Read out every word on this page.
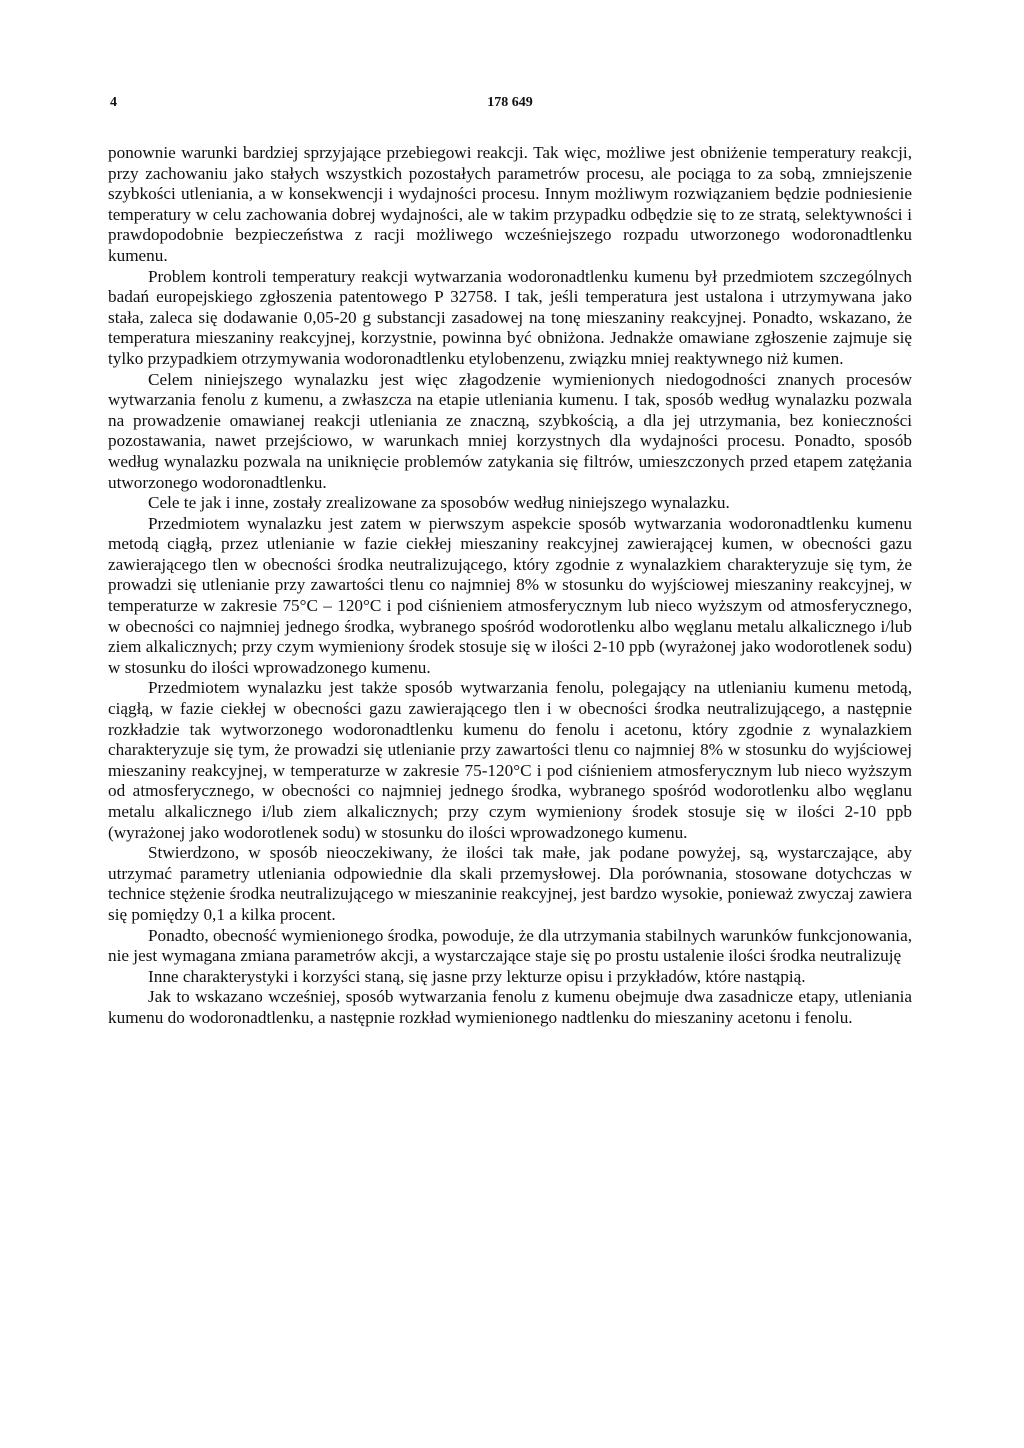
4	178 649

ponownie warunki bardziej sprzyjające przebiegowi reakcji. Tak więc, możliwe jest obniżenie temperatury reakcji, przy zachowaniu jako stałych wszystkich pozostałych parametrów procesu, ale pociąga to za sobą, zmniejszenie szybkości utleniania, a w konsekwencji i wydajności procesu. Innym możliwym rozwiązaniem będzie podniesienie temperatury w celu zachowania dobrej wydajności, ale w takim przypadku odbędzie się to ze stratą, selektywności i prawdopodobnie bezpieczeństwa z racji możliwego wcześniejszego rozpadu utworzonego wodoronadtlenku kumenu.

Problem kontroli temperatury reakcji wytwarzania wodoronadtlenku kumenu był przedmiotem szczególnych badań europejskiego zgłoszenia patentowego P 32758. I tak, jeśli temperatura jest ustalona i utrzymywana jako stała, zaleca się dodawanie 0,05-20 g substancji zasadowej na tonę mieszaniny reakcyjnej. Ponadto, wskazano, że temperatura mieszaniny reakcyjnej, korzystnie, powinna być obniżona. Jednakże omawiane zgłoszenie zajmuje się tylko przypadkiem otrzymywania wodoronadtlenku etylobenzenu, związku mniej reaktywnego niż kumen.

Celem niniejszego wynalazku jest więc złagodzenie wymienionych niedogodności znanych procesów wytwarzania fenolu z kumenu, a zwłaszcza na etapie utleniania kumenu. I tak, sposób według wynalazku pozwala na prowadzenie omawianej reakcji utleniania ze znaczną, szybkością, a dla jej utrzymania, bez konieczności pozostawania, nawet przejściowo, w warunkach mniej korzystnych dla wydajności procesu. Ponadto, sposób według wynalazku pozwala na uniknięcie problemów zatykania się filtrów, umieszczonych przed etapem zatężania utworzonego wodoronadtlenku.

Cele te jak i inne, zostały zrealizowane za sposobów według niniejszego wynalazku.

Przedmiotem wynalazku jest zatem w pierwszym aspekcie sposób wytwarzania wodoronadtlenku kumenu metodą ciągłą, przez utlenianie w fazie ciekłej mieszaniny reakcyjnej zawierającej kumen, w obecności gazu zawierającego tlen w obecności środka neutralizującego, który zgodnie z wynalazkiem charakteryzuje się tym, że prowadzi się utlenianie przy zawartości tlenu co najmniej 8% w stosunku do wyjściowej mieszaniny reakcyjnej, w temperaturze w zakresie 75°C – 120°C i pod ciśnieniem atmosferycznym lub nieco wyższym od atmosferycznego, w obecności co najmniej jednego środka, wybranego spośród wodorotlenku albo węglanu metalu alkalicznego i/lub ziem alkalicznych; przy czym wymieniony środek stosuje się w ilości 2-10 ppb (wyrażonej jako wodorotlenek sodu) w stosunku do ilości wprowadzonego kumenu.

Przedmiotem wynalazku jest także sposób wytwarzania fenolu, polegający na utlenianiu kumenu metodą, ciągłą, w fazie ciekłej w obecności gazu zawierającego tlen i w obecności środka neutralizującego, a następnie rozkładzie tak wytworzonego wodoronadtlenku kumenu do fenolu i acetonu, który zgodnie z wynalazkiem charakteryzuje się tym, że prowadzi się utlenianie przy zawartości tlenu co najmniej 8% w stosunku do wyjściowej mieszaniny reakcyjnej, w temperaturze w zakresie 75-120°C i pod ciśnieniem atmosferycznym lub nieco wyższym od atmosferycznego, w obecności co najmniej jednego środka, wybranego spośród wodorotlenku albo węglanu metalu alkalicznego i/lub ziem alkalicznych; przy czym wymieniony środek stosuje się w ilości 2-10 ppb (wyrażonej jako wodorotlenek sodu) w stosunku do ilości wprowadzonego kumenu.

Stwierdzono, w sposób nieoczekiwany, że ilości tak małe, jak podane powyżej, są, wystarczające, aby utrzymać parametry utleniania odpowiednie dla skali przemysłowej. Dla porównania, stosowane dotychczas w technice stężenie środka neutralizującego w mieszaninie reakcyjnej, jest bardzo wysokie, ponieważ zwyczaj zawiera się pomiędzy 0,1 a kilka procent.

Ponadto, obecność wymienionego środka, powoduje, że dla utrzymania stabilnych warunków funkcjonowania, nie jest wymagana zmiana parametrów akcji, a wystarczające staje się po prostu ustalenie ilości środka neutralizuję

Inne charakterystyki i korzyści staną, się jasne przy lekturze opisu i przykładów, które nastąpią.

Jak to wskazano wcześniej, sposób wytwarzania fenolu z kumenu obejmuje dwa zasadnicze etapy, utleniania kumenu do wodoronadtlenku, a następnie rozkład wymienionego nadtlenku do mieszaniny acetonu i fenolu.
